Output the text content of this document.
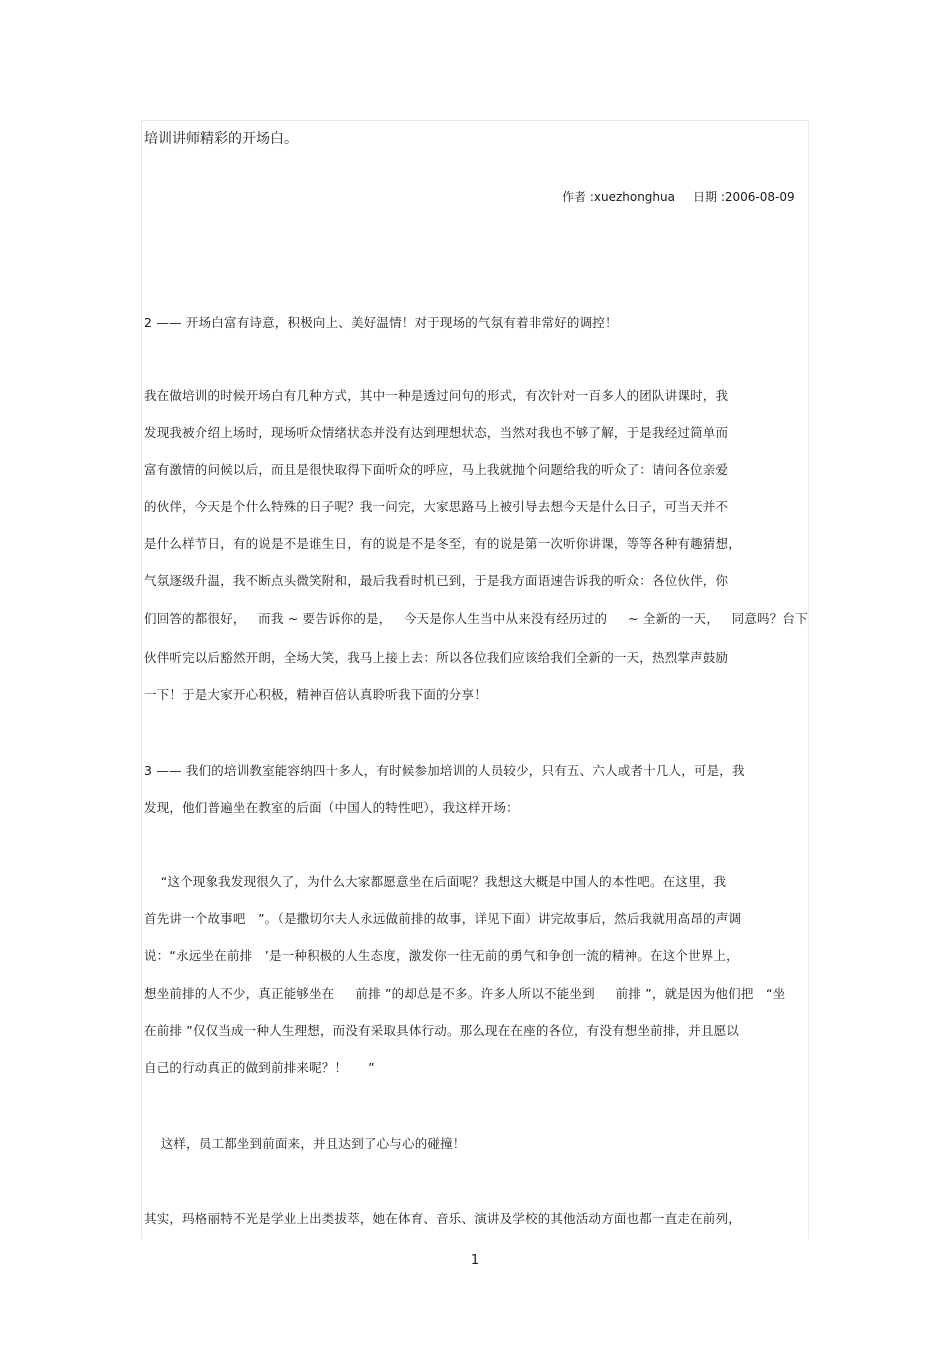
培训讲师精彩的开场白。
作者 :xuezhonghua 日期 :2006-08-09
2 —— 开场白富有诗意，积极向上、美好温情！对于现场的气氛有着非常好的调控！
我在做培训的时候开场白有几种方式，其中一种是透过问句的形式，有次针对一百多人的团队讲课时，我
发现我被介绍上场时，现场听众情绪状态并没有达到理想状态，当然对我也不够了解，于是我经过简单而
富有激情的问候以后，而且是很快取得下面听众的呼应，马上我就抛个问题给我的听众了：请问各位亲爱
的伙伴，今天是个什么特殊的日子呢？我一问完，大家思路马上被引导去想今天是什么日子，可当天并不
是什么样节日，有的说是不是谁生日，有的说是不是冬至，有的说是第一次听你讲课，等等各种有趣猜想，
气氛逐级升温，我不断点头微笑附和，最后我看时机已到，于是我方面语速告诉我的听众：各位伙伴，你
们回答的都很好，   而我 ~ 要告诉你的是，   今天是你人生当中从来没有经历过的     ~ 全新的一天，   同意吗？台下
伙伴听完以后豁然开朗，全场大笑，我马上接上去：所以各位我们应该给我们全新的一天，热烈掌声鼓励
一下！于是大家开心积极，精神百倍认真聆听我下面的分享！
3 —— 我们的培训教室能容纳四十多人，有时候参加培训的人员较少，只有五、六人或者十几人，可是，我
发现，他们普遍坐在教室的后面（中国人的特性吧），我这样开场：
“这个现象我发现很久了，为什么大家都愿意坐在后面呢？我想这大概是中国人的本性吧。在这里，我
首先讲一个故事吧   ”。（是撒切尔夫人永远做前排的故事，详见下面）讲完故事后，然后我就用高昂的声调
说：“永远坐在前排   ’是一种积极的人生态度，激发你一往无前的勇气和争创一流的精神。在这个世界上，
想坐前排的人不少，真正能够坐在     前排 ”的却总是不多。许多人所以不能坐到     前排 ”，就是因为他们把   “坐
在前排 ”仅仅当成一种人生理想，而没有采取具体行动。那么现在在座的各位，有没有想坐前排，并且愿以
自己的行动真正的做到前排来呢？！     ”
这样，员工都坐到前面来，并且达到了心与心的碰撞！
其实，玛格丽特不光是学业上出类拔萃，她在体育、音乐、演讲及学校的其他活动方面也都一直走在前列，
1
